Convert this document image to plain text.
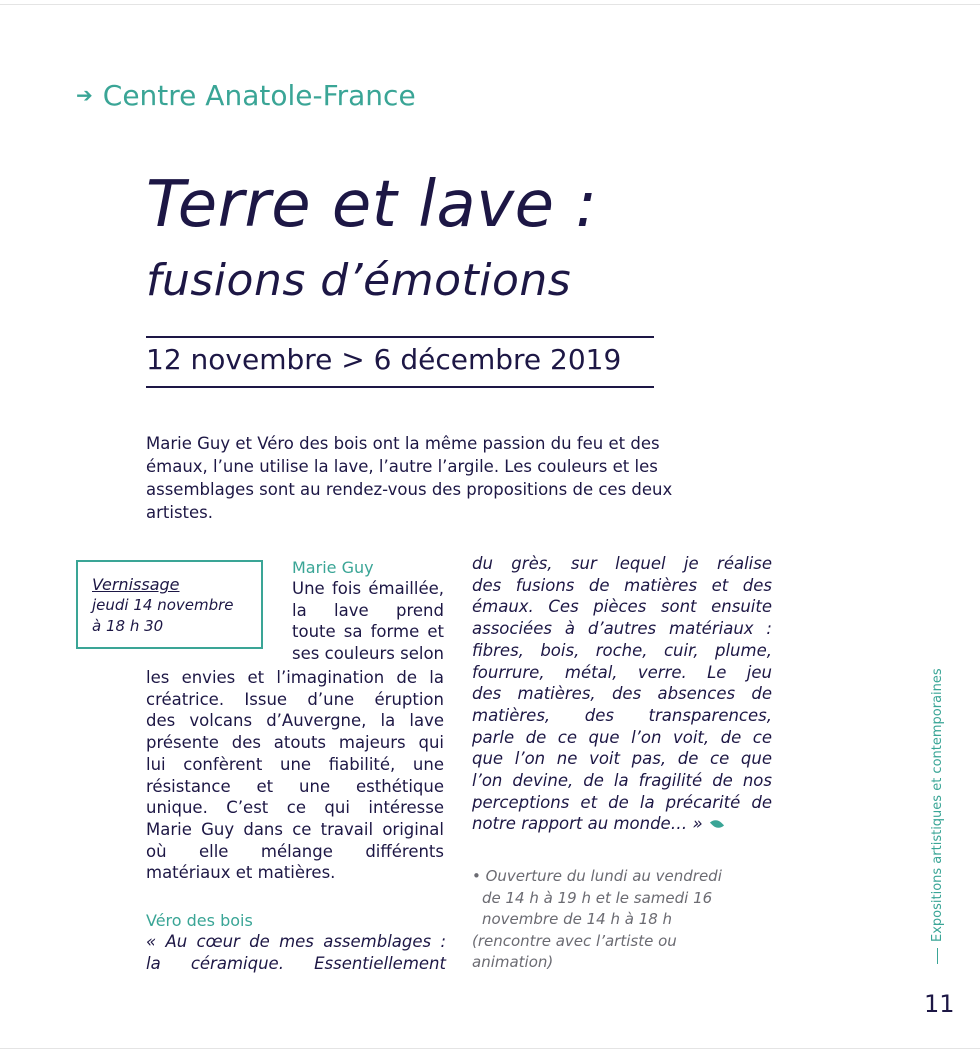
➔ Centre Anatole-France
Terre et lave :
fusions d’émotions
12 novembre > 6 décembre 2019
Marie Guy et Véro des bois ont la même passion du feu et des émaux, l’une utilise la lave, l’autre l’argile. Les couleurs et les assemblages sont au rendez-vous des propositions de ces deux artistes.
Vernissage
jeudi 14 novembre
à 18 h 30
Marie Guy
Une fois émaillée,
la lave prend
toute sa forme et
ses couleurs selon
les envies et l’imagination de la
créatrice. Issue d’une éruption
des volcans d’Auvergne, la lave
présente des atouts majeurs qui
lui confèrent une fiabilité, une
résistance et une esthétique
unique. C’est ce qui intéresse
Marie Guy dans ce travail original
où elle mélange différents
matériaux et matières.
Véro des bois
« Au cœur de mes assemblages :
la céramique. Essentiellement
du grès, sur lequel je réalise
des fusions de matières et des
émaux. Ces pièces sont ensuite
associées à d’autres matériaux :
fibres, bois, roche, cuir, plume,
fourrure, métal, verre. Le jeu
des matières, des absences de
matières, des transparences,
parle de ce que l’on voit, de ce
que l’on ne voit pas, de ce que
l’on devine, de la fragilité de nos
perceptions et de la précarité de
notre rapport au monde… »
• Ouverture du lundi au vendredi
de 14 h à 19 h et le samedi 16
novembre de 14 h à 18 h
(rencontre avec l’artiste ou
animation)
Expositions artistiques et contemporaines
11
